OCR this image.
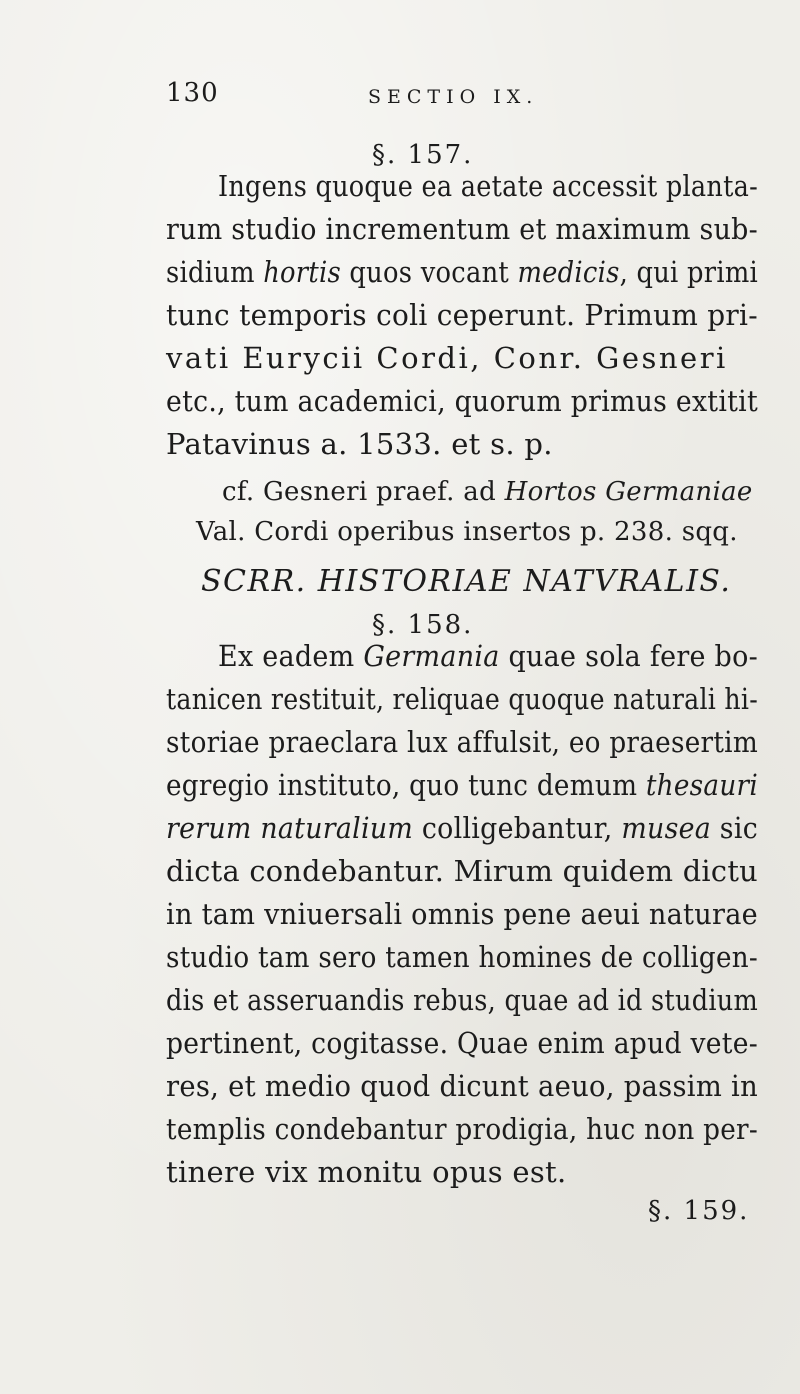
130	SECTIO IX.
§. 157.
Ingens quoque ea aetate accessit planta-
rum studio incrementum et maximum sub-
sidium hortis quos vocant medicis, qui primi
tunc temporis coli ceperunt. Primum pri-
vati Eurycii Cordi, Conr. Gesneri
etc., tum academici, quorum primus extitit
Patavinus a. 1533. et s. p.
cf. Gesneri praef. ad Hortos Germaniae
Val. Cordi operibus insertos p. 238. sqq.
SCRR. HISTORIAE NATVRALIS.
§. 158.
Ex eadem Germania quae sola fere bo-
tanicen restituit, reliquae quoque naturali hi-
storiae praeclara lux affulsit, eo praesertim
egregio instituto, quo tunc demum thesauri
rerum naturalium colligebantur, musea sic
dicta condebantur. Mirum quidem dictu
in tam vniuersali omnis pene aeui naturae
studio tam sero tamen homines de colligen-
dis et asseruandis rebus, quae ad id studium
pertinent, cogitasse. Quae enim apud vete-
res, et medio quod dicunt aeuo, passim in
templis condebantur prodigia, huc non per-
tinere vix monitu opus est.
§. 159.
